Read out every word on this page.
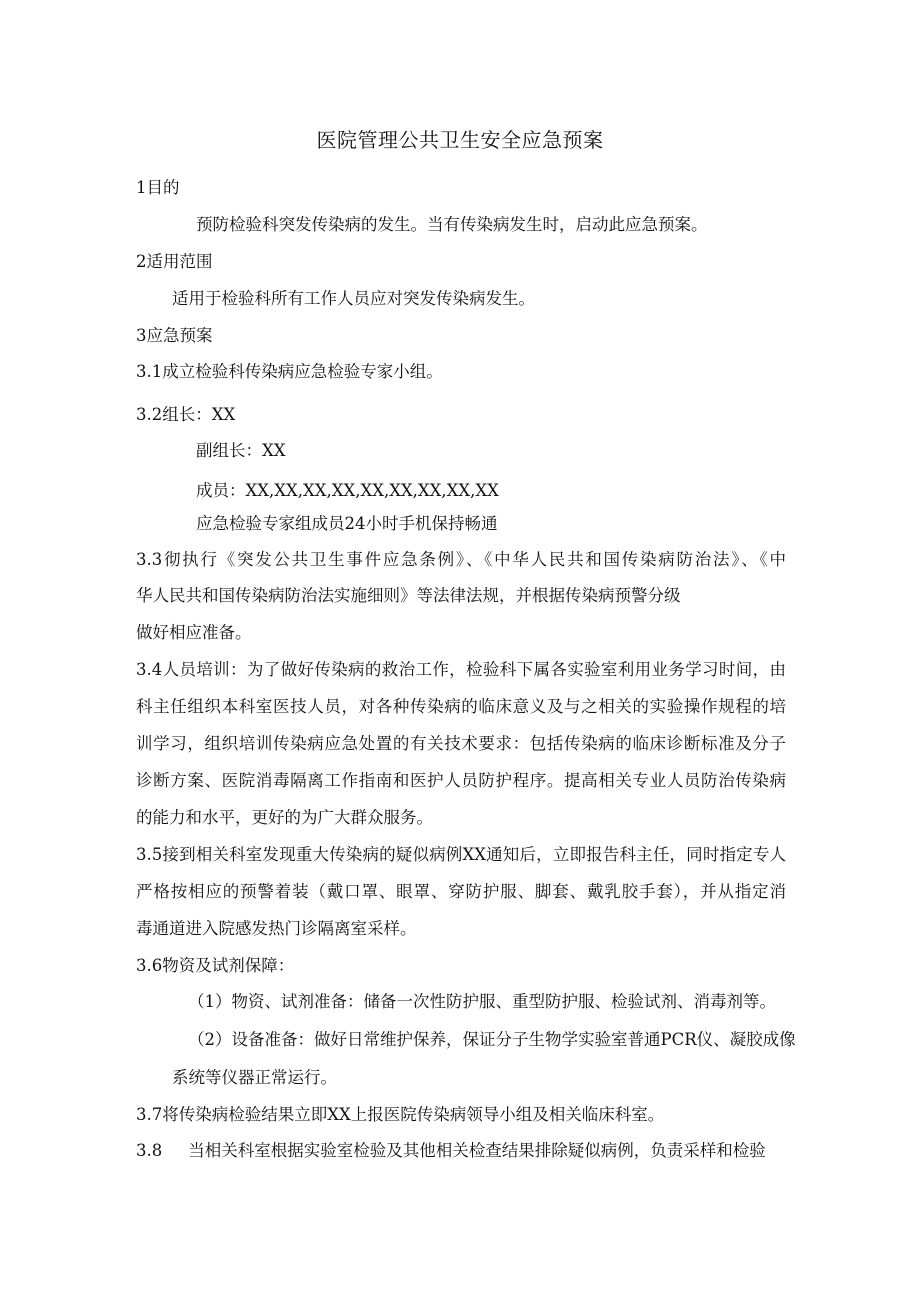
医院管理公共卫生安全应急预案

1目的

预防检验科突发传染病的发生。当有传染病发生时，启动此应急预案。

2适用范围

适用于检验科所有工作人员应对突发传染病发生。

3应急预案

3.1成立检验科传染病应急检验专家小组。

3.2组长：XX

副组长：XX

成员：XX,XX,XX,XX,XX,XX,XX,XX,XX

应急检验专家组成员24小时手机保持畅通

3.3彻执行《突发公共卫生事件应急条例》、《中华人民共和国传染病防治法》、《中

华人民共和国传染病防治法实施细则》等法律法规，并根据传染病预警分级

做好相应准备。

3.4人员培训：为了做好传染病的救治工作，检验科下属各实验室利用业务学习时间，由

科主任组织本科室医技人员，对各种传染病的临床意义及与之相关的实验操作规程的培

训学习，组织培训传染病应急处置的有关技术要求：包括传染病的临床诊断标准及分子

诊断方案、医院消毒隔离工作指南和医护人员防护程序。提高相关专业人员防治传染病

的能力和水平，更好的为广大群众服务。

3.5接到相关科室发现重大传染病的疑似病例XX通知后，立即报告科主任，同时指定专人

严格按相应的预警着装（戴口罩、眼罩、穿防护服、脚套、戴乳胶手套），并从指定消

毒通道进入院感发热门诊隔离室采样。

3.6物资及试剂保障：

（1）物资、试剂准备：储备一次性防护服、重型防护服、检验试剂、消毒剂等。

（2）设备准备：做好日常维护保养，保证分子生物学实验室普通PCR仪、凝胶成像

系统等仪器正常运行。

3.7将传染病检验结果立即XX上报医院传染病领导小组及相关临床科室。

3.8 当相关科室根据实验室检验及其他相关检查结果排除疑似病例，负责采样和检验
